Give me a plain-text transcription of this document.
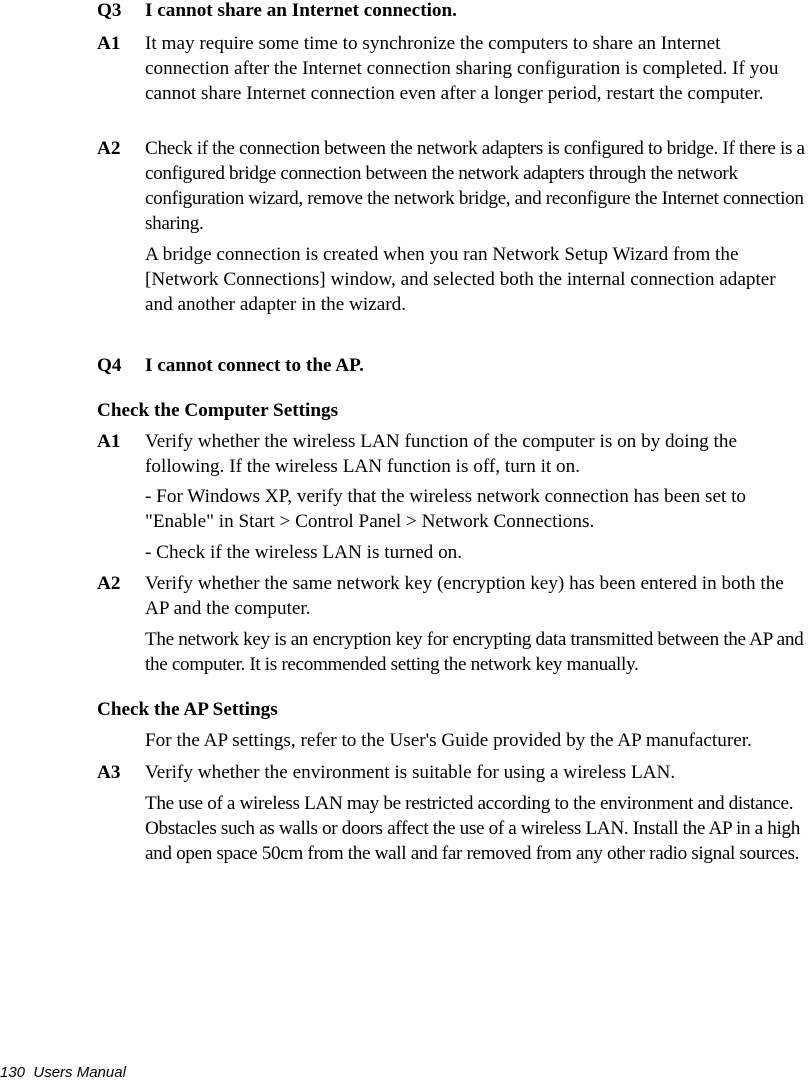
Q3	I cannot share an Internet connection.
A1	It may require some time to synchronize the computers to share an Internet connection after the Internet connection sharing configuration is completed. If you cannot share Internet connection even after a longer period, restart the computer.
A2	Check if the connection between the network adapters is configured to bridge. If there is a configured bridge connection between the network adapters through the network configuration wizard, remove the network bridge, and reconfigure the Internet connection sharing.
A bridge connection is created when you ran Network Setup Wizard from the [Network Connections] window, and selected both the internal connection adapter and another adapter in the wizard.
Q4	I cannot connect to the AP.
Check the Computer Settings
A1	Verify whether the wireless LAN function of the computer is on by doing the following. If the wireless LAN function is off, turn it on.
- For Windows XP, verify that the wireless network connection has been set to "Enable" in Start > Control Panel > Network Connections.
- Check if the wireless LAN is turned on.
A2	Verify whether the same network key (encryption key) has been entered in both the AP and the computer.
The network key is an encryption key for encrypting data transmitted between the AP and the computer. It is recommended setting the network key manually.
Check the AP Settings
For the AP settings, refer to the User's Guide provided by the AP manufacturer.
A3	Verify whether the environment is suitable for using a wireless LAN.
The use of a wireless LAN may be restricted according to the environment and distance. Obstacles such as walls or doors affect the use of a wireless LAN. Install the AP in a high and open space 50cm from the wall and far removed from any other radio signal sources.
130 Users Manual
